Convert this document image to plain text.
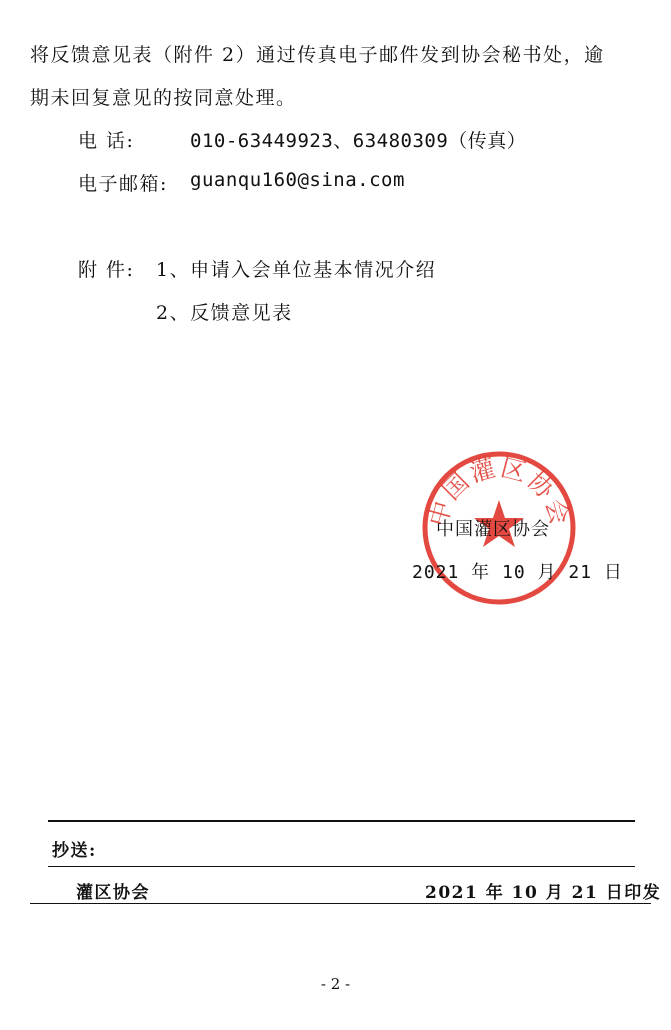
将反馈意见表（附件 2）通过传真电子邮件发到协会秘书处，逾
期未回复意见的按同意处理。
电 话:	010-63449923、63480309（传真）
电子邮箱: guanqu160@sina.com
附 件: 1、申请入会单位基本情况介绍
2、反馈意见表
中国灌区协会
中国灌区协会
2021 年 10 月 21 日
抄送:
灌区协会	2021 年 10 月 21 日印发
- 2 -
